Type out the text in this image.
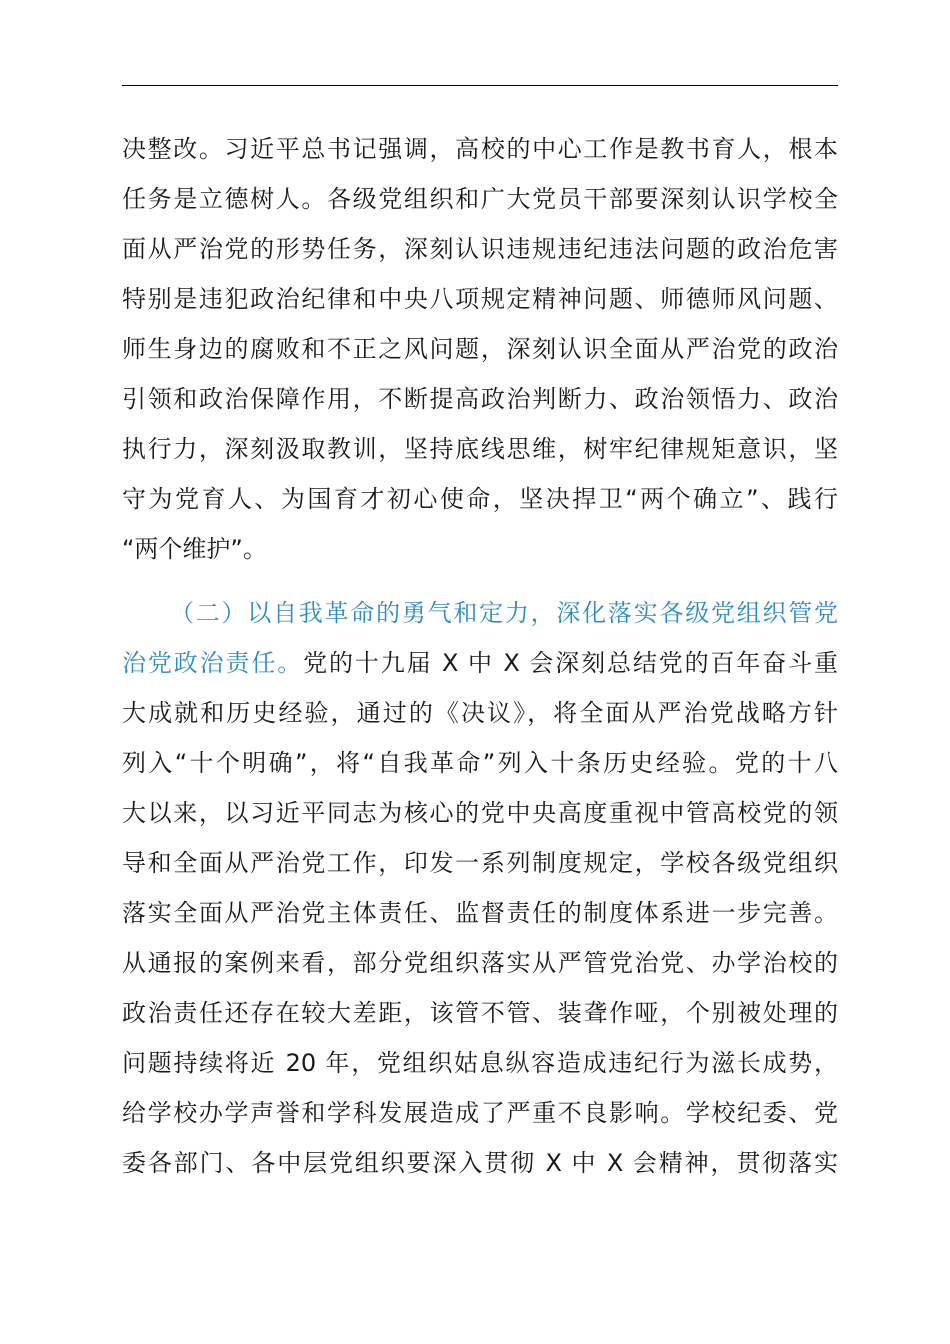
决整改。习近平总书记强调，高校的中心工作是教书育人，根本
任务是立德树人。各级党组织和广大党员干部要深刻认识学校全
面从严治党的形势任务，深刻认识违规违纪违法问题的政治危害
特别是违犯政治纪律和中央八项规定精神问题、师德师风问题、
师生身边的腐败和不正之风问题，深刻认识全面从严治党的政治
引领和政治保障作用，不断提高政治判断力、政治领悟力、政治
执行力，深刻汲取教训，坚持底线思维，树牢纪律规矩意识，坚
守为党育人、为国育才初心使命，坚决捍卫“两个确立”、践行
“两个维护”。
（二）以自我革命的勇气和定力，深化落实各级党组织管党
治党政治责任。党的十九届 X 中 X 会深刻总结党的百年奋斗重
大成就和历史经验，通过的《决议》，将全面从严治党战略方针
列入“十个明确”，将“自我革命”列入十条历史经验。党的十八
大以来，以习近平同志为核心的党中央高度重视中管高校党的领
导和全面从严治党工作，印发一系列制度规定，学校各级党组织
落实全面从严治党主体责任、监督责任的制度体系进一步完善。
从通报的案例来看，部分党组织落实从严管党治党、办学治校的
政治责任还存在较大差距，该管不管、装聋作哑，个别被处理的
问题持续将近 20 年，党组织姑息纵容造成违纪行为滋长成势，
给学校办学声誉和学科发展造成了严重不良影响。学校纪委、党
委各部门、各中层党组织要深入贯彻 X 中 X 会精神，贯彻落实
